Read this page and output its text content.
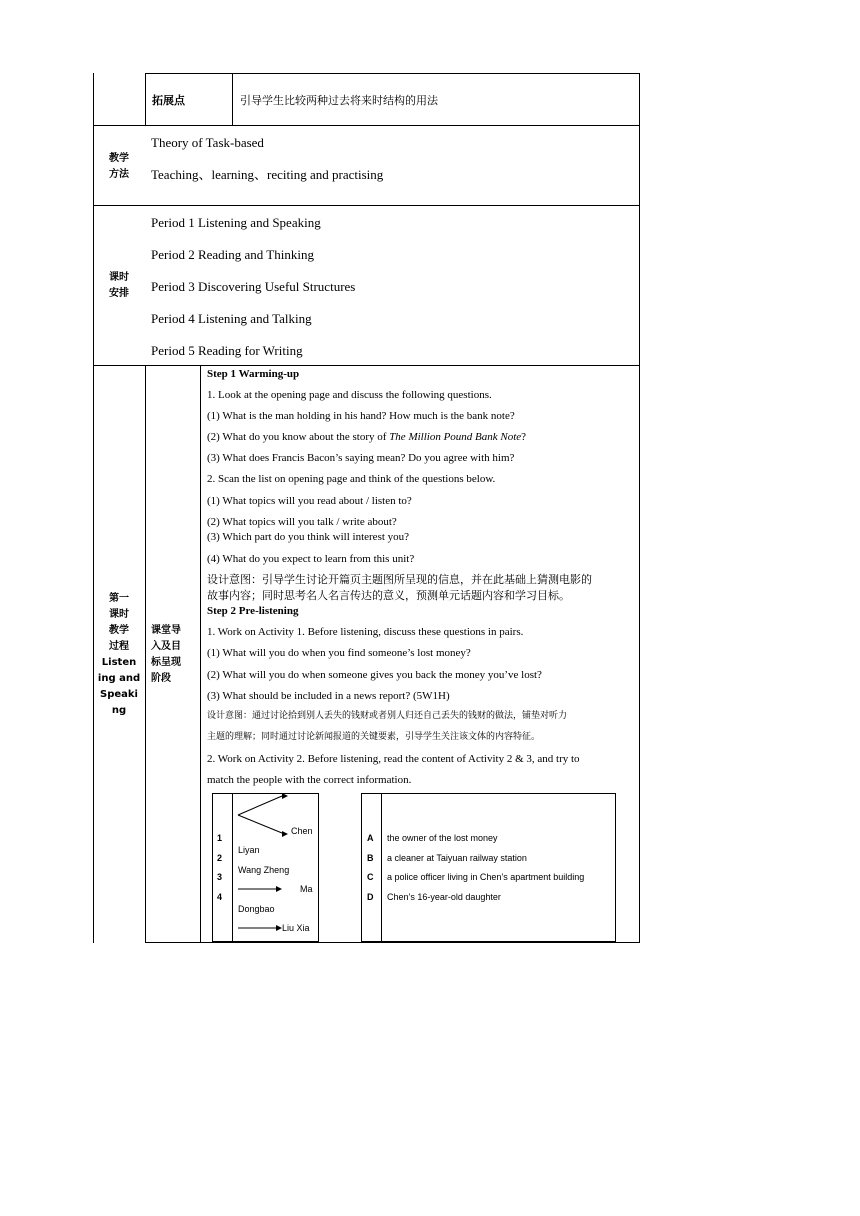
拓展点	引导学生比较两种过去将来时结构的用法
教学
方法
Theory of Task-based
Teaching、learning、reciting and practising
课时
安排
Period 1 Listening and Speaking
Period 2 Reading and Thinking
Period 3 Discovering Useful Structures
Period 4 Listening and Talking
Period 5 Reading for Writing
第一
课时
教学
过程
Listen
ing and
Speaki
ng
课堂导
入及目
标呈现
阶段
Step 1 Warming-up
1. Look at the opening page and discuss the following questions.
(1) What is the man holding in his hand? How much is the bank note?
(2) What do you know about the story of The Million Pound Bank Note?
(3) What does Francis Bacon’s saying mean? Do you agree with him?
2. Scan the list on opening page and think of the questions below.
(1) What topics will you read about / listen to?
(2) What topics will you talk / write about?
(3) Which part do you think will interest you?
(4) What do you expect to learn from this unit?
设计意图：引导学生讨论开篇页主题图所呈现的信息，并在此基础上猜测电影的
故事内容；同时思考名人名言传达的意义，预测单元话题内容和学习目标。
Step 2 Pre-listening
1. Work on Activity 1. Before listening, discuss these questions in pairs.
(1) What will you do when you find someone’s lost money?
(2) What will you do when someone gives you back the money you’ve lost?
(3) What should be included in a news report? (5W1H)
设计意图：通过讨论拾到别人丢失的钱财或者别人归还自己丢失的钱财的做法，铺垫对听力
主题的理解；同时通过讨论新闻报道的关键要素，引导学生关注该文体的内容特征。
2. Work on Activity 2. Before listening, read the content of Activity 2 & 3, and try to
match the people with the correct information.
1
2
3
4
Chen
Liyan
Wang Zheng
Ma
Dongbao
Liu Xia
A
B
C
D
the owner of the lost money
a cleaner at Taiyuan railway station
a police officer living in Chen’s apartment building
Chen’s 16-year-old daughter
